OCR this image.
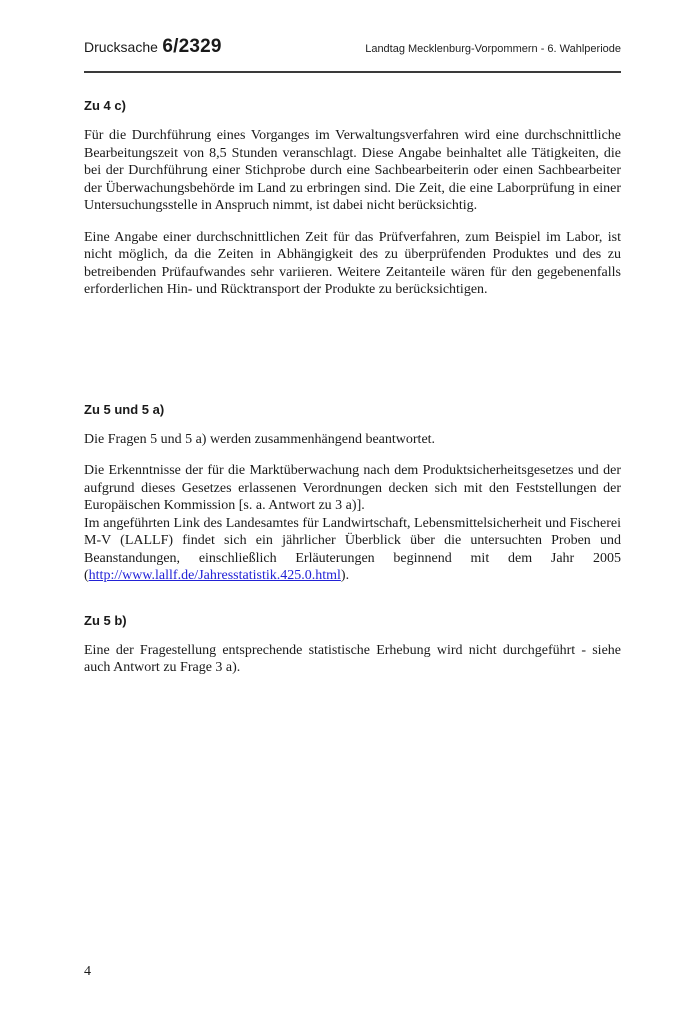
Drucksache 6/2329	Landtag Mecklenburg-Vorpommern - 6. Wahlperiode

Zu 4 c)

Für die Durchführung eines Vorganges im Verwaltungsverfahren wird eine durchschnittliche Bearbeitungszeit von 8,5 Stunden veranschlagt. Diese Angabe beinhaltet alle Tätigkeiten, die bei der Durchführung einer Stichprobe durch eine Sachbearbeiterin oder einen Sachbearbeiter der Überwachungsbehörde im Land zu erbringen sind. Die Zeit, die eine Laborprüfung in einer Untersuchungsstelle in Anspruch nimmt, ist dabei nicht berücksichtig.

Eine Angabe einer durchschnittlichen Zeit für das Prüfverfahren, zum Beispiel im Labor, ist nicht möglich, da die Zeiten in Abhängigkeit des zu überprüfenden Produktes und des zu betreibenden Prüfaufwandes sehr variieren. Weitere Zeitanteile wären für den gegebenenfalls erforderlichen Hin- und Rücktransport der Produkte zu berücksichtigen.

Zu 5 und 5 a)

Die Fragen 5 und 5 a) werden zusammenhängend beantwortet.

Die Erkenntnisse der für die Marktüberwachung nach dem Produktsicherheitsgesetzes und der aufgrund dieses Gesetzes erlassenen Verordnungen decken sich mit den Feststellungen der Europäischen Kommission [s. a. Antwort zu 3 a)].
Im angeführten Link des Landesamtes für Landwirtschaft, Lebensmittelsicherheit und Fischerei M-V (LALLF) findet sich ein jährlicher Überblick über die untersuchten Proben und Beanstandungen, einschließlich Erläuterungen beginnend mit dem Jahr 2005 (http://www.lallf.de/Jahresstatistik.425.0.html).

Zu 5 b)

Eine der Fragestellung entsprechende statistische Erhebung wird nicht durchgeführt - siehe auch Antwort zu Frage 3 a).

4
